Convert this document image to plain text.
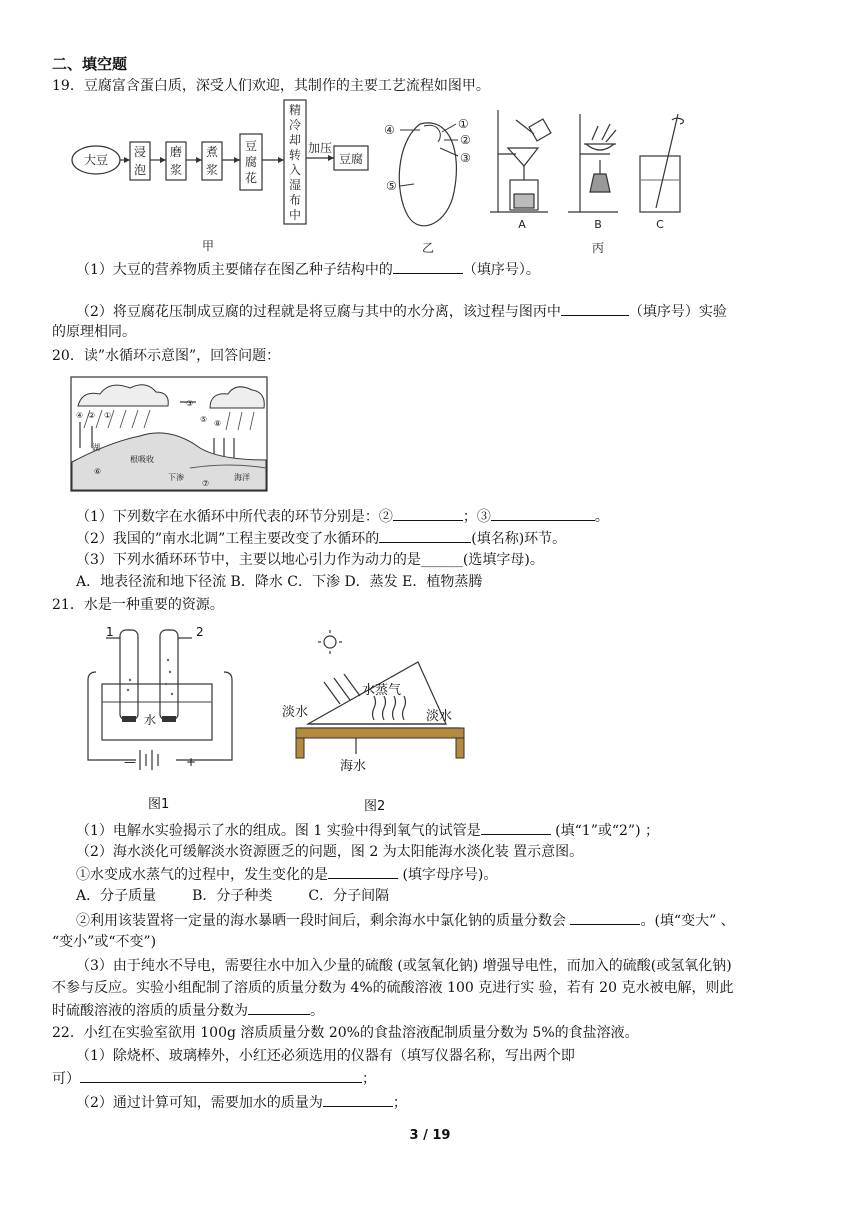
二、填空题
19．豆腐富含蛋白质，深受人们欢迎，其制作的主要工艺流程如图甲。
大豆
浸
泡
磨
浆
煮
浆
豆
腐
花
精
冷
却
转
入
湿
布
中
加压
豆腐
甲
④	①
②
③
⑤
乙
A	B	C
丙
（1）大豆的营养物质主要储存在图乙种子结构中的	（填序号）。
（2）将豆腐花压制成豆腐的过程就是将豆腐与其中的水分离，该过程与图丙中	（填序号）实验
的原理相同。
20．读”水循环示意图”，回答问题：
③
④ ② ①	⑤
⑥
⑦
⑧
湖
根吸收
下渗	海洋
（1）下列数字在水循环中所代表的环节分别是：②	；③	。
（2）我国的”南水北调”工程主要改变了水循环的	(填名称)环节。
（3）下列水循环环节中，主要以地心引力作为动力的是______(选填字母)。
A．地表径流和地下径流 B．降水 C．下渗 D．蒸发 E．植物蒸腾
21．水是一种重要的资源。
1	2
水
—	+
图1
淡水
水蒸气
淡水
海水
图2
（1）电解水实验揭示了水的组成。图 1 实验中得到氧气的试管是	(填“1”或“2”) ；
（2）海水淡化可缓解淡水资源匮乏的问题，图 2 为太阳能海水淡化装 置示意图。
①水变成水蒸气的过程中，发生变化的是	(填字母序号)。
A．分子质量	B．分子种类	C．分子间隔
②利用该装置将一定量的海水暴晒一段时间后，剩余海水中氯化钠的质量分数会	。(填“变大” 、
“变小”或“不变”)
（3）由于纯水不导电，需要往水中加入少量的硫酸 (或氢氧化钠) 增强导电性，而加入的硫酸(或氢氧化钠)
不参与反应。实验小组配制了溶质的质量分数为 4%的硫酸溶液 100 克进行实 验，若有 20 克水被电解，则此
时硫酸溶液的溶质的质量分数为	。
22．小红在实验室欲用 100g 溶质质量分数 20%的食盐溶液配制质量分数为 5%的食盐溶液。
（1）除烧杯、玻璃棒外，小红还必须选用的仪器有（填写仪器名称，写出两个即
可）	；
（2）通过计算可知，需要加水的质量为	；
3 / 19
